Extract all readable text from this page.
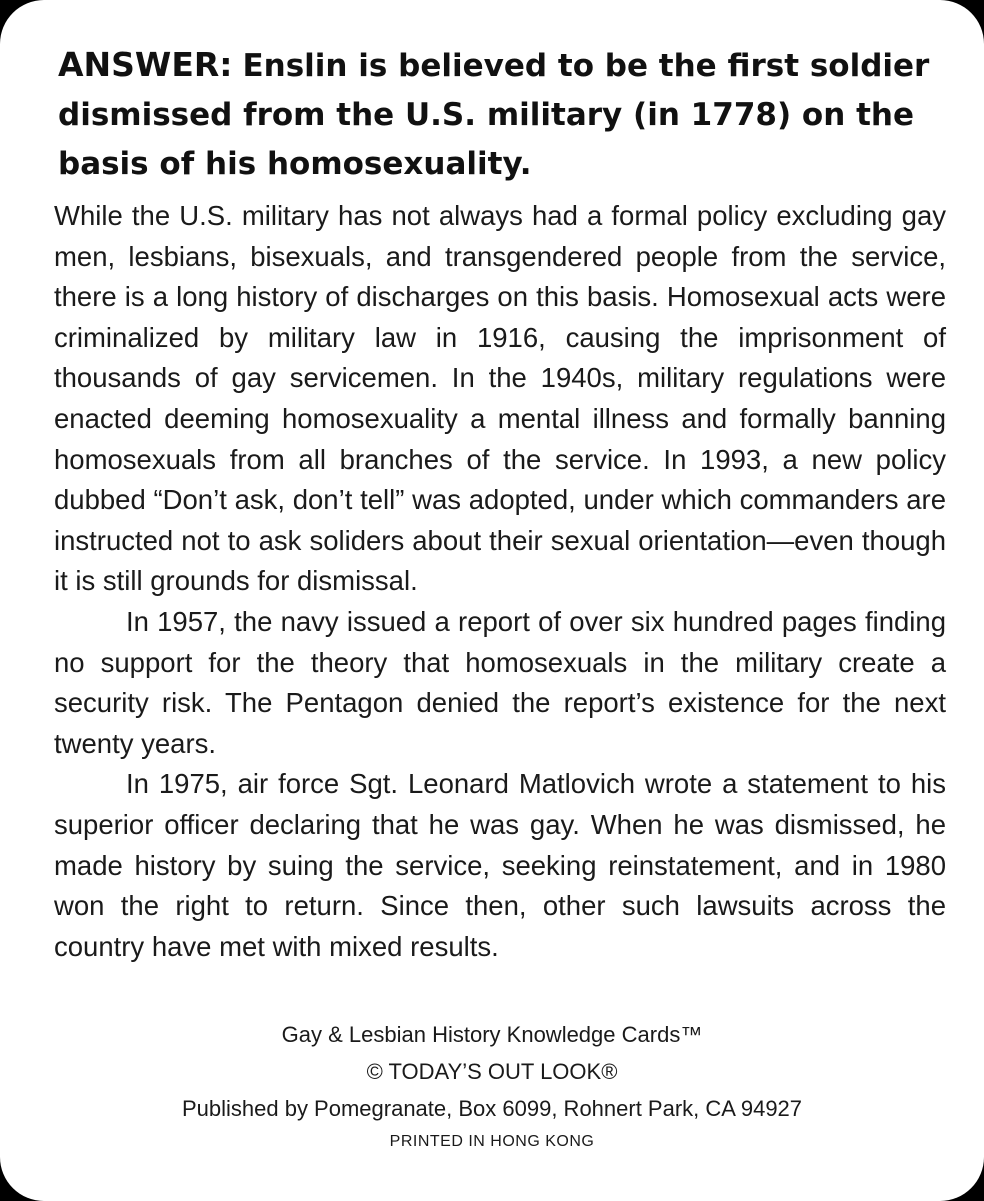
ANSWER: Enslin is believed to be the first soldier dismissed from the U.S. military (in 1778) on the basis of his homosexuality.

While the U.S. military has not always had a formal policy excluding gay men, lesbians, bisexuals, and transgendered people from the service, there is a long history of discharges on this basis. Homosexual acts were criminalized by military law in 1916, causing the imprisonment of thousands of gay servicemen. In the 1940s, military regulations were enacted deeming homosexuality a mental illness and formally banning homosexuals from all branches of the service. In 1993, a new policy dubbed “Don’t ask, don’t tell” was adopted, under which commanders are instructed not to ask soliders about their sexual orientation—even though it is still grounds for dismissal.

In 1957, the navy issued a report of over six hundred pages finding no support for the theory that homosexuals in the military create a security risk. The Pentagon denied the report’s existence for the next twenty years.

In 1975, air force Sgt. Leonard Matlovich wrote a statement to his superior officer declaring that he was gay. When he was dismissed, he made history by suing the service, seeking reinstatement, and in 1980 won the right to return. Since then, other such lawsuits across the country have met with mixed results.

Gay & Lesbian History Knowledge Cards™
© TODAY’S OUT LOOK®
Published by Pomegranate, Box 6099, Rohnert Park, CA 94927
PRINTED IN HONG KONG
